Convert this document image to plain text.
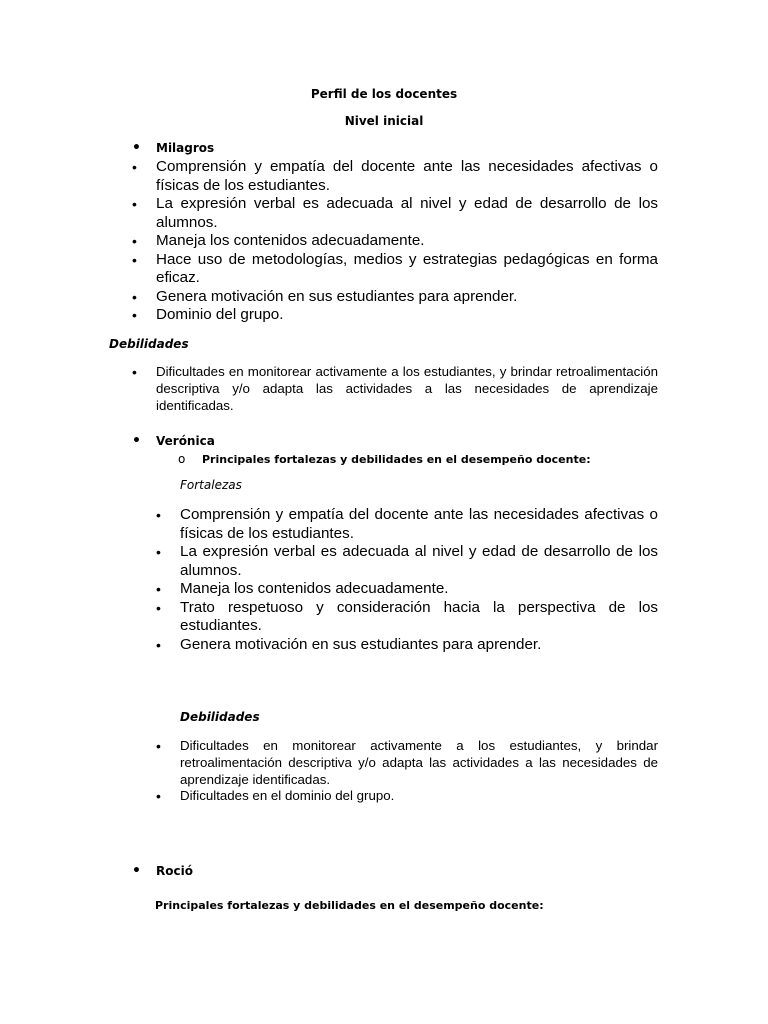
Perfil de los docentes
Nivel inicial
• Milagros
• Comprensión y empatía del docente ante las necesidades afectivas o físicas de los estudiantes.
• La expresión verbal es adecuada al nivel y edad de desarrollo de los alumnos.
• Maneja los contenidos adecuadamente.
• Hace uso de metodologías, medios y estrategias pedagógicas en forma eficaz.
• Genera motivación en sus estudiantes para aprender.
• Dominio del grupo.
Debilidades
• Dificultades en monitorear activamente a los estudiantes, y brindar retroalimentación descriptiva y/o adapta las actividades a las necesidades de aprendizaje identificadas.
• Verónica
o Principales fortalezas y debilidades en el desempeño docente:
Fortalezas
• Comprensión y empatía del docente ante las necesidades afectivas o físicas de los estudiantes.
• La expresión verbal es adecuada al nivel y edad de desarrollo de los alumnos.
• Maneja los contenidos adecuadamente.
• Trato respetuoso y consideración hacia la perspectiva de los estudiantes.
• Genera motivación en sus estudiantes para aprender.
Debilidades
• Dificultades en monitorear activamente a los estudiantes, y brindar retroalimentación descriptiva y/o adapta las actividades a las necesidades de aprendizaje identificadas.
• Dificultades en el dominio del grupo.
• Roció
Principales fortalezas y debilidades en el desempeño docente:
